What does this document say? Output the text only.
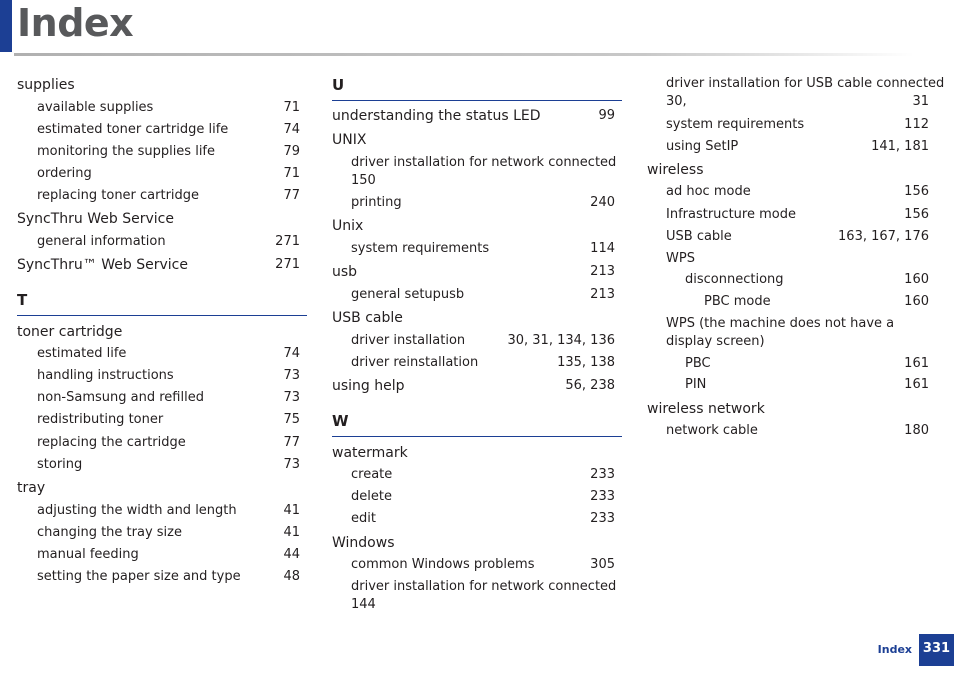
Index
supplies
available supplies	71
estimated toner cartridge life	74
monitoring the supplies life	79
ordering	71
replacing toner cartridge	77
SyncThru Web Service
general information	271
SyncThru™ Web Service	271
T
toner cartridge
estimated life	74
handling instructions	73
non-Samsung and refilled	73
redistributing toner	75
replacing the cartridge	77
storing	73
tray
adjusting the width and length	41
changing the tray size	41
manual feeding	44
setting the paper size and type	48
U
understanding the status LED	99
UNIX
driver installation for network connected
150
printing	240
Unix
system requirements	114
usb	213
general setupusb	213
USB cable
driver installation	30, 31, 134, 136
driver reinstallation	135, 138
using help	56, 238
W
watermark
create	233
delete	233
edit	233
Windows
common Windows problems	305
driver installation for network connected
144
driver installation for USB cable connected
30,	31
system requirements	112
using SetIP	141, 181
wireless
ad hoc mode	156
Infrastructure mode	156
USB cable	163, 167, 176
WPS
disconnectiong	160
PBC mode	160
WPS (the machine does not have a display screen)
PBC	161
PIN	161
wireless network
network cable	180
Index 331
